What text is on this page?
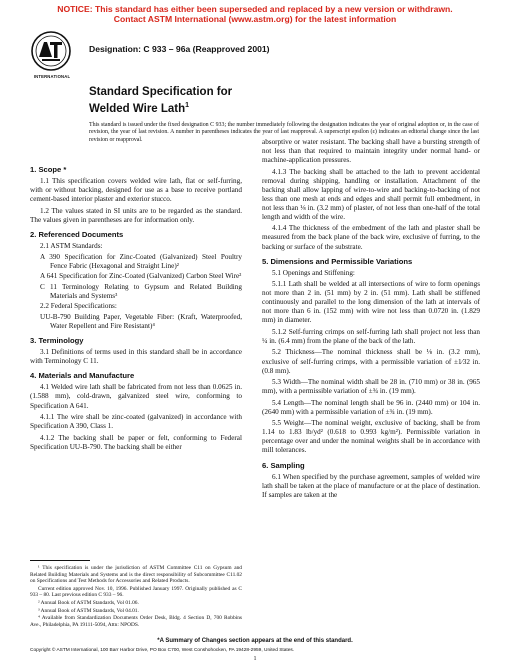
NOTICE: This standard has either been superseded and replaced by a new version or withdrawn.
Contact ASTM International (www.astm.org) for the latest information
INTERNATIONAL
Designation: C 933 – 96a (Reapproved 2001)
Standard Specification for
Welded Wire Lath$^1$
This standard is issued under the fixed designation C 933; the number immediately following the designation indicates the year of original adoption or, in the case of revision, the year of last revision. A number in parentheses indicates the year of last reapproval. A superscript epsilon (ε) indicates an editorial change since the last revision or reapproval.
1. Scope *

1.1 This specification covers welded wire lath, flat or self-furring, with or without backing, designed for use as a base to receive portland cement-based interior plaster and exterior stucco.

1.2 The values stated in SI units are to be regarded as the standard. The values given in parentheses are for information only.

2. Referenced Documents

2.1 ASTM Standards:

A 390 Specification for Zinc-Coated (Galvanized) Steel Poultry Fence Fabric (Hexagonal and Straight Line)²

A 641 Specification for Zinc-Coated (Galvanized) Carbon Steel Wire²

C 11 Terminology Relating to Gypsum and Related Building Materials and Systems³

2.2 Federal Specifications:

UU-B-790 Building Paper, Vegetable Fiber: (Kraft, Waterproofed, Water Repellent and Fire Resistant)⁴

3. Terminology

3.1 Definitions of terms used in this standard shall be in accordance with Terminology C 11.

4. Materials and Manufacture

4.1 Welded wire lath shall be fabricated from not less than 0.0625 in. (1.588 mm), cold-drawn, galvanized steel wire, conforming to Specification A 641.

4.1.1 The wire shall be zinc-coated (galvanized) in accordance with Specification A 390, Class 1.

4.1.2 The backing shall be paper or felt, conforming to Federal Specification UU-B-790. The backing shall be either

absorptive or water resistant. The backing shall have a bursting strength of not less than that required to maintain integrity under normal hand- or machine-application pressures.

4.1.3 The backing shall be attached to the lath to prevent accidental removal during shipping, handling or installation. Attachment of the backing shall allow lapping of wire-to-wire and backing-to-backing of not less than one mesh at ends and edges and shall permit full embedment, in not less than ⅛ in. (3.2 mm) of plaster, of not less than one-half of the total length and width of the wire.

4.1.4 The thickness of the embedment of the lath and plaster shall be measured from the back plane of the back wire, exclusive of furring, to the backing or surface of the substrate.

5. Dimensions and Permissible Variations

5.1 Openings and Stiffening:

5.1.1 Lath shall be welded at all intersections of wire to form openings not more than 2 in. (51 mm) by 2 in. (51 mm). Lath shall be stiffened continuously and parallel to the long dimension of the lath at intervals of not more than 6 in. (152 mm) with wire not less than 0.0720 in. (1.829 mm) in diameter.

5.1.2 Self-furring crimps on self-furring lath shall project not less than ¼ in. (6.4 mm) from the plane of the back of the lath.

5.2 Thickness—The nominal thickness shall be ⅛ in. (3.2 mm), exclusive of self-furring crimps, with a permissible variation of ±1⁄32 in. (0.8 mm).

5.3 Width—The nominal width shall be 28 in. (710 mm) or 38 in. (965 mm), with a permissible variation of ±¾ in. (19 mm).

5.4 Length—The nominal length shall be 96 in. (2440 mm) or 104 in. (2640 mm) with a permissible variation of ±¾ in. (19 mm).

5.5 Weight—The nominal weight, exclusive of backing, shall be from 1.14 to 1.83 lb/yd² (0.618 to 0.993 kg/m²). Permissible variation in percentage over and under the nominal weights shall be in accordance with mill tolerances.

6. Sampling

6.1 When specified by the purchase agreement, samples of welded wire lath shall be taken at the place of manufacture or at the place of destination. If samples are taken at the

¹ This specification is under the jurisdiction of ASTM Committee C11 on Gypsum and Related Building Materials and Systems and is the direct responsibility of Subcommittee C11.02 on Specifications and Test Methods for Accessories and Related Products.

Current edition approved Nov. 10, 1996. Published January 1997. Originally published as C 933 – 80. Last previous edition C 933 – 96.

² Annual Book of ASTM Standards, Vol 01.06.

³ Annual Book of ASTM Standards, Vol 04.01.

⁴ Available from Standardization Documents Order Desk, Bldg. 4 Section D, 700 Robbins Ave., Philadelphia, PA 19111-5094, Attn: NPODS.

*A Summary of Changes section appears at the end of this standard.
Copyright © ASTM International, 100 Barr Harbor Drive, PO Box C700, West Conshohocken, PA 19428-2959, United States.
1
